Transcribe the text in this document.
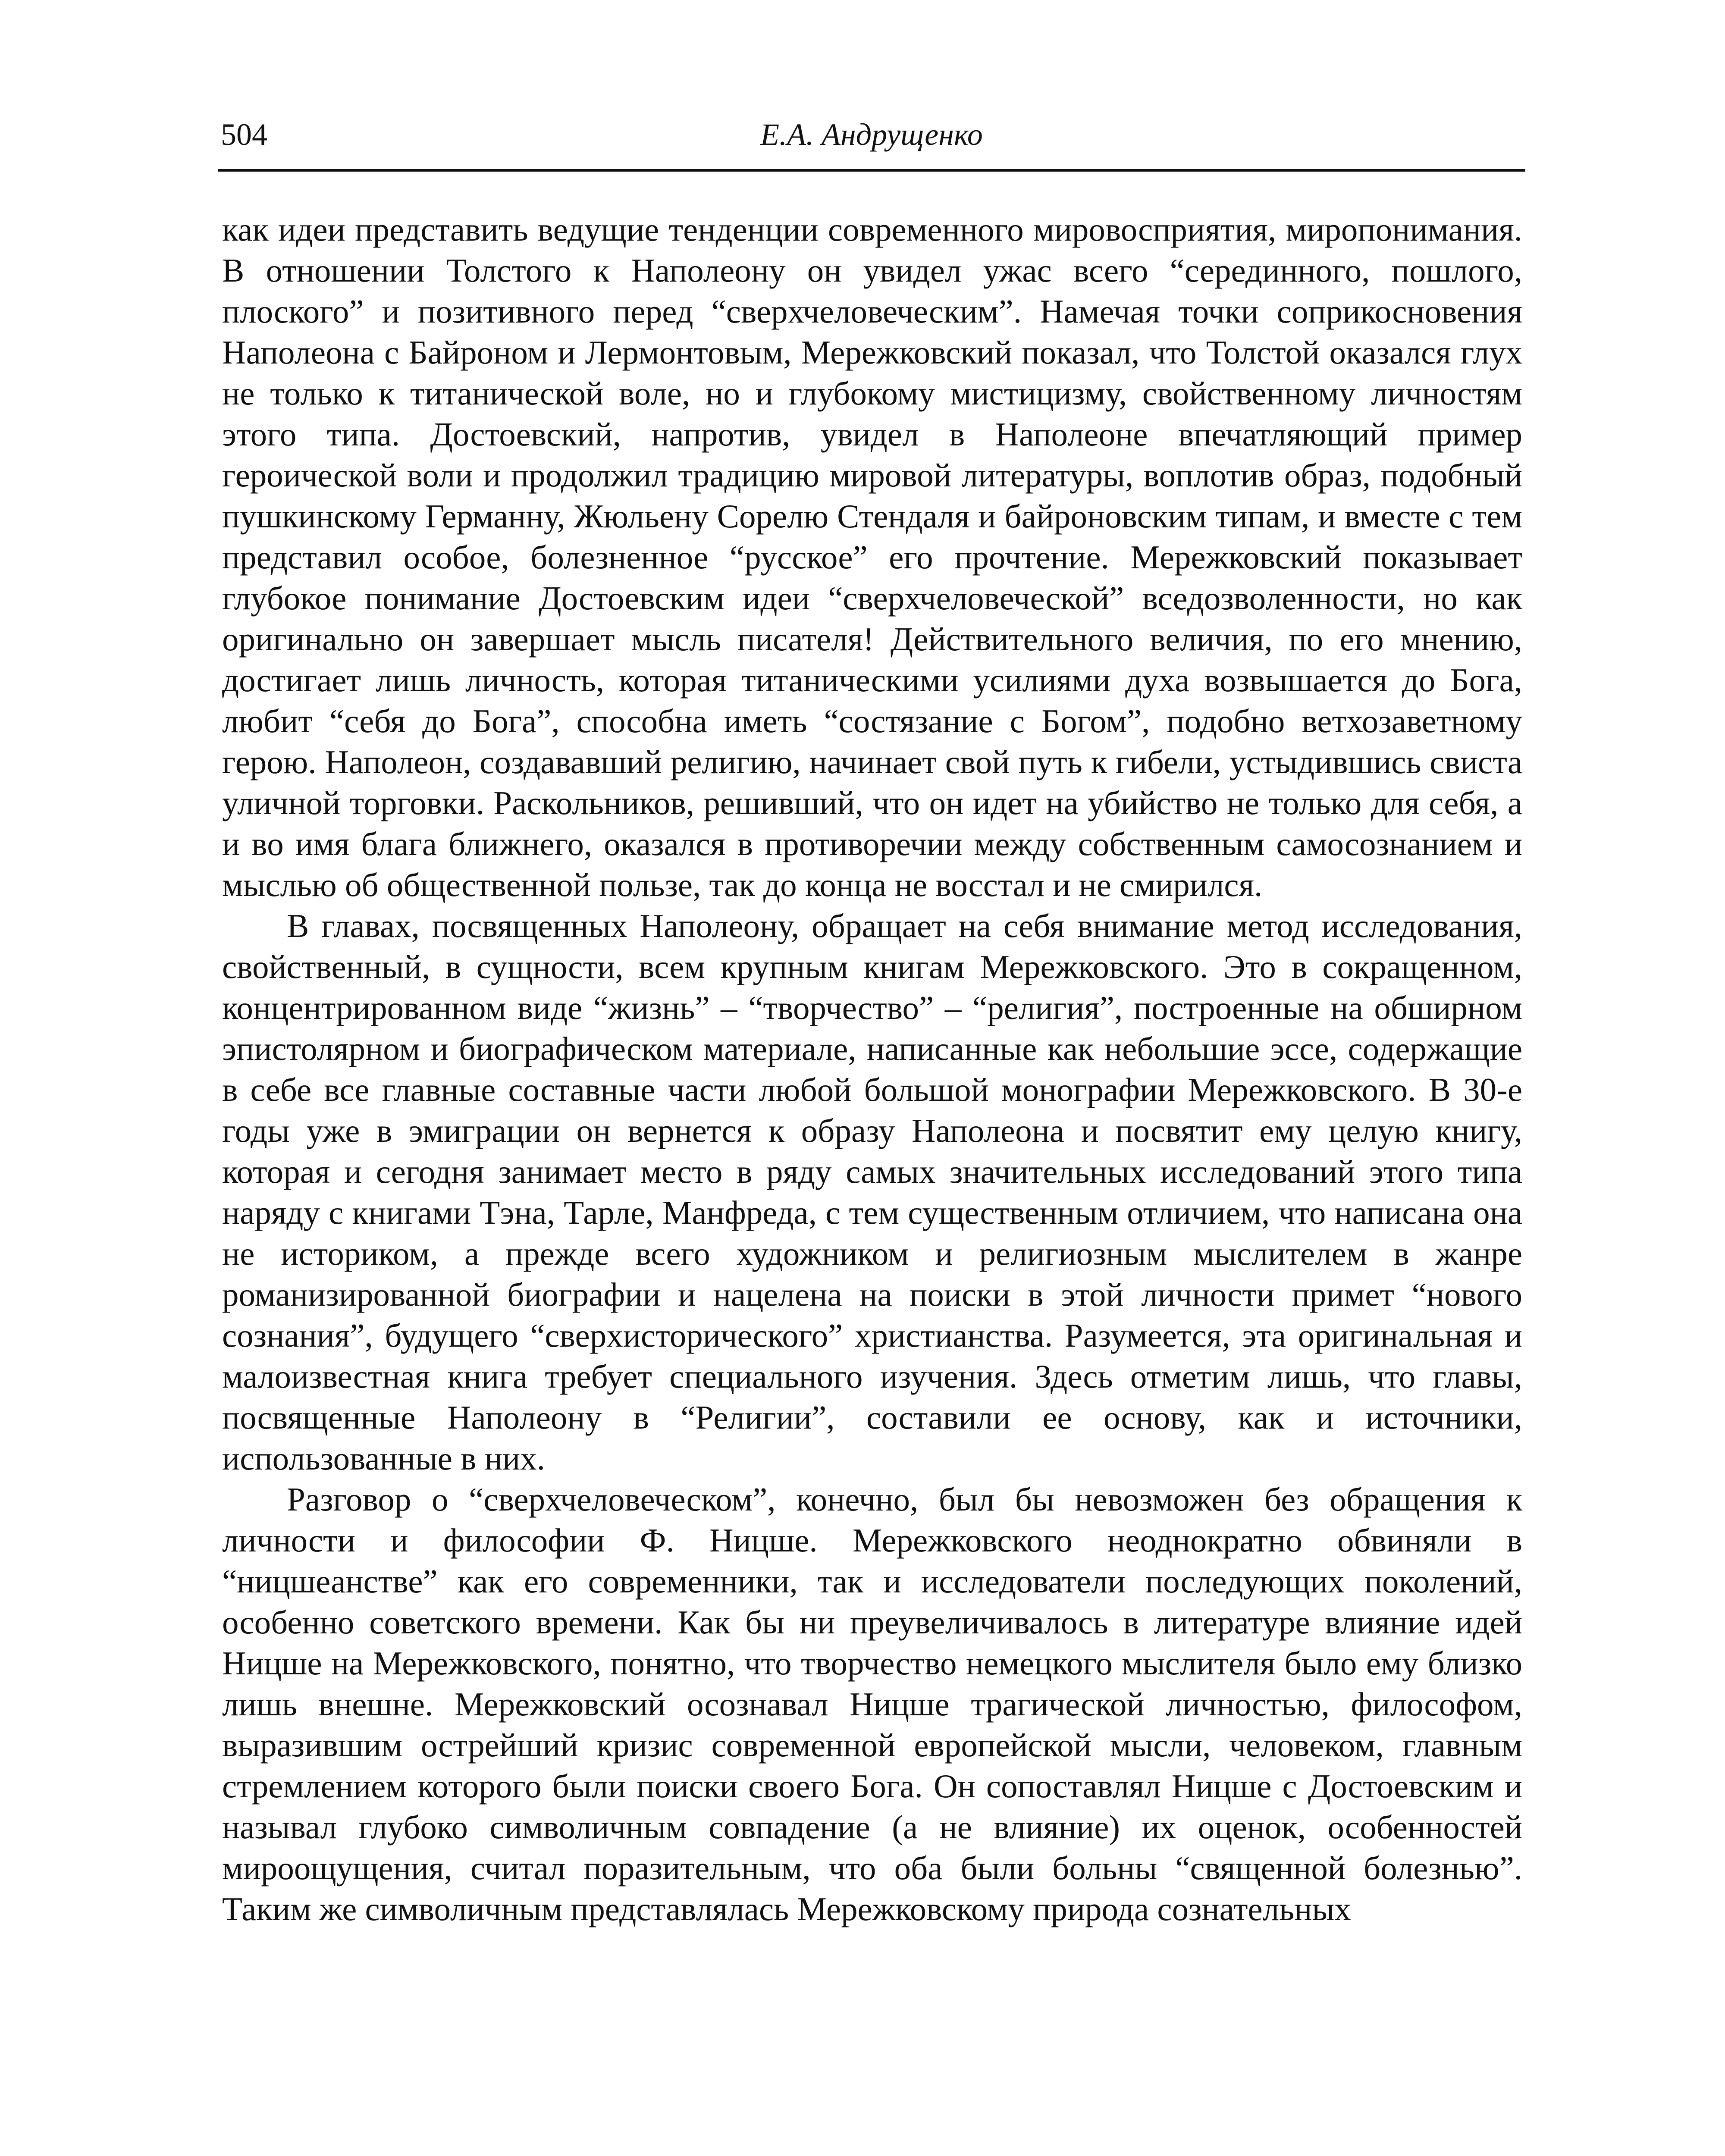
504	Е.А. Андрущенко

как идеи представить ведущие тенденции современного мировосприятия, миропонимания. В отношении Толстого к Наполеону он увидел ужас всего “серединного, пошлого, плоского” и позитивного перед “сверхчеловеческим”. Намечая точки соприкосновения Наполеона с Байроном и Лермонтовым, Мережковский показал, что Толстой оказался глух не только к титанической воле, но и глубокому мистицизму, свойственному личностям этого типа. Достоевский, напротив, увидел в Наполеоне впечатляющий пример героической воли и продолжил традицию мировой литературы, воплотив образ, подобный пушкинскому Германну, Жюльену Сорелю Стендаля и байроновским типам, и вместе с тем представил особое, болезненное “русское” его прочтение. Мережковский показывает глубокое понимание Достоевским идеи “сверхчеловеческой” вседозволенности, но как оригинально он завершает мысль писателя! Действительного величия, по его мнению, достигает лишь личность, которая титаническими усилиями духа возвышается до Бога, любит “себя до Бога”, способна иметь “состязание с Богом”, подобно ветхозаветному герою. Наполеон, создававший религию, начинает свой путь к гибели, устыдившись свиста уличной торговки. Раскольников, решивший, что он идет на убийство не только для себя, а и во имя блага ближнего, оказался в противоречии между собственным самосознанием и мыслью об общественной пользе, так до конца не восстал и не смирился.

В главах, посвященных Наполеону, обращает на себя внимание метод исследования, свойственный, в сущности, всем крупным книгам Мережковского. Это в сокращенном, концентрированном виде “жизнь” – “творчество” – “религия”, построенные на обширном эпистолярном и биографическом материале, написанные как небольшие эссе, содержащие в себе все главные составные части любой большой монографии Мережковского. В 30-е годы уже в эмиграции он вернется к образу Наполеона и посвятит ему целую книгу, которая и сегодня занимает место в ряду самых значительных исследований этого типа наряду с книгами Тэна, Тарле, Манфреда, с тем существенным отличием, что написана она не историком, а прежде всего художником и религиозным мыслителем в жанре романизированной биографии и нацелена на поиски в этой личности примет “нового сознания”, будущего “сверхисторического” христианства. Разумеется, эта оригинальная и малоизвестная книга требует специального изучения. Здесь отметим лишь, что главы, посвященные Наполеону в “Религии”, составили ее основу, как и источники, использованные в них.

Разговор о “сверхчеловеческом”, конечно, был бы невозможен без обращения к личности и философии Ф. Ницше. Мережковского неоднократно обвиняли в “ницшеанстве” как его современники, так и исследователи последующих поколений, особенно советского времени. Как бы ни преувеличивалось в литературе влияние идей Ницше на Мережковского, понятно, что творчество немецкого мыслителя было ему близко лишь внешне. Мережковский осознавал Ницше трагической личностью, философом, выразившим острейший кризис современной европейской мысли, человеком, главным стремлением которого были поиски своего Бога. Он сопоставлял Ницше с Достоевским и называл глубоко символичным совпадение (а не влияние) их оценок, особенностей мироощущения, считал поразительным, что оба были больны “священной болезнью”. Таким же символичным представлялась Мережковскому природа сознательных
